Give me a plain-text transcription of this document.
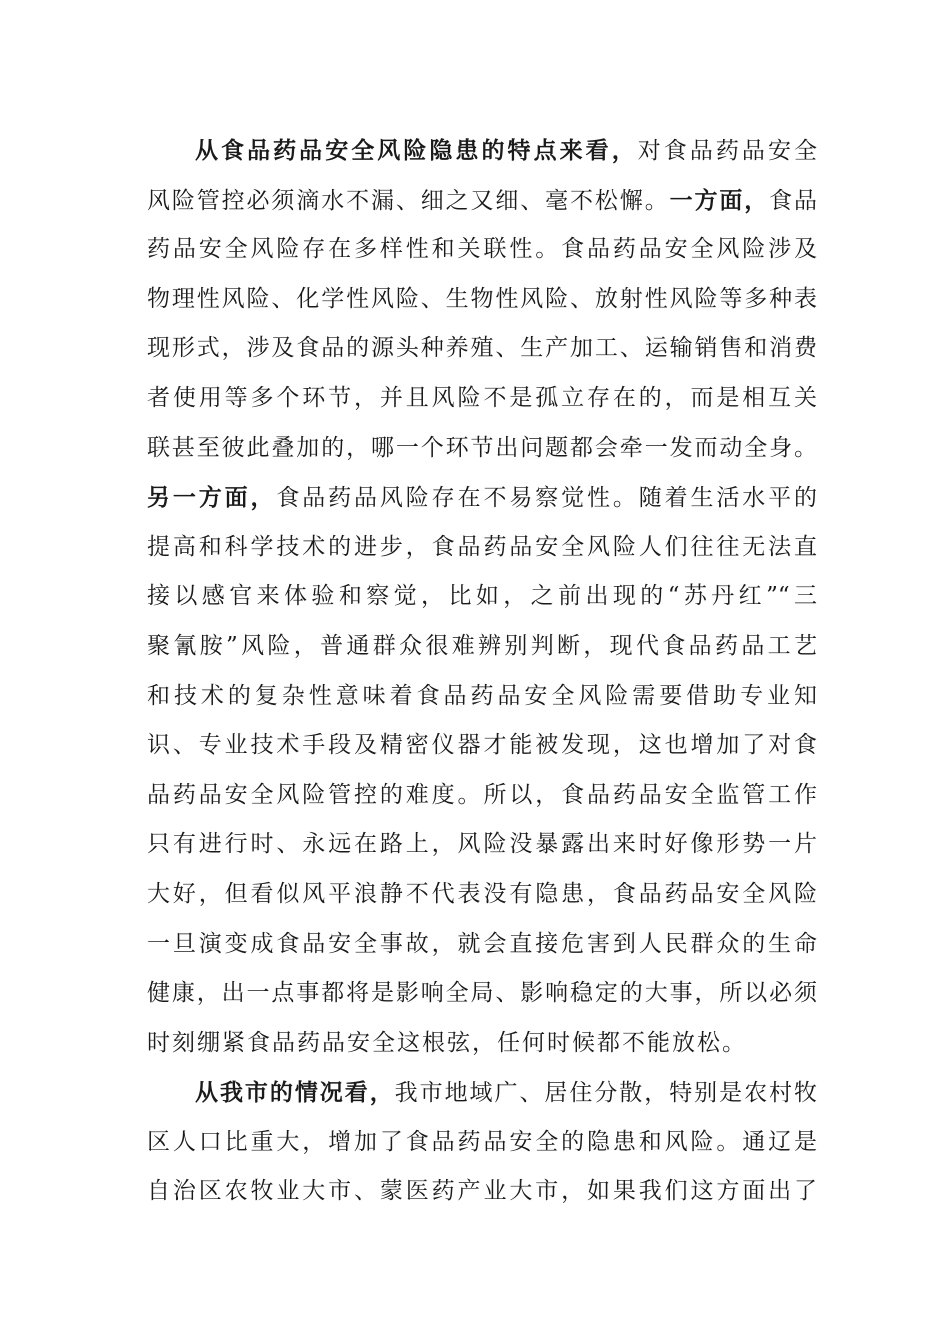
从食品药品安全风险隐患的特点来看，对食品药品安全
风险管控必须滴水不漏、细之又细、毫不松懈。一方面，食品
药品安全风险存在多样性和关联性。食品药品安全风险涉及
物理性风险、化学性风险、生物性风险、放射性风险等多种表
现形式，涉及食品的源头种养殖、生产加工、运输销售和消费
者使用等多个环节，并且风险不是孤立存在的，而是相互关
联甚至彼此叠加的，哪一个环节出问题都会牵一发而动全身。
另一方面，食品药品风险存在不易察觉性。随着生活水平的
提高和科学技术的进步，食品药品安全风险人们往往无法直
接以感官来体验和察觉，比如，之前出现的“苏丹红”“三
聚氰胺”风险，普通群众很难辨别判断，现代食品药品工艺
和技术的复杂性意味着食品药品安全风险需要借助专业知
识、专业技术手段及精密仪器才能被发现，这也增加了对食
品药品安全风险管控的难度。所以，食品药品安全监管工作
只有进行时、永远在路上，风险没暴露出来时好像形势一片
大好，但看似风平浪静不代表没有隐患，食品药品安全风险
一旦演变成食品安全事故，就会直接危害到人民群众的生命
健康，出一点事都将是影响全局、影响稳定的大事，所以必须
时刻绷紧食品药品安全这根弦，任何时候都不能放松。
从我市的情况看，我市地域广、居住分散，特别是农村牧
区人口比重大，增加了食品药品安全的隐患和风险。通辽是
自治区农牧业大市、蒙医药产业大市，如果我们这方面出了
